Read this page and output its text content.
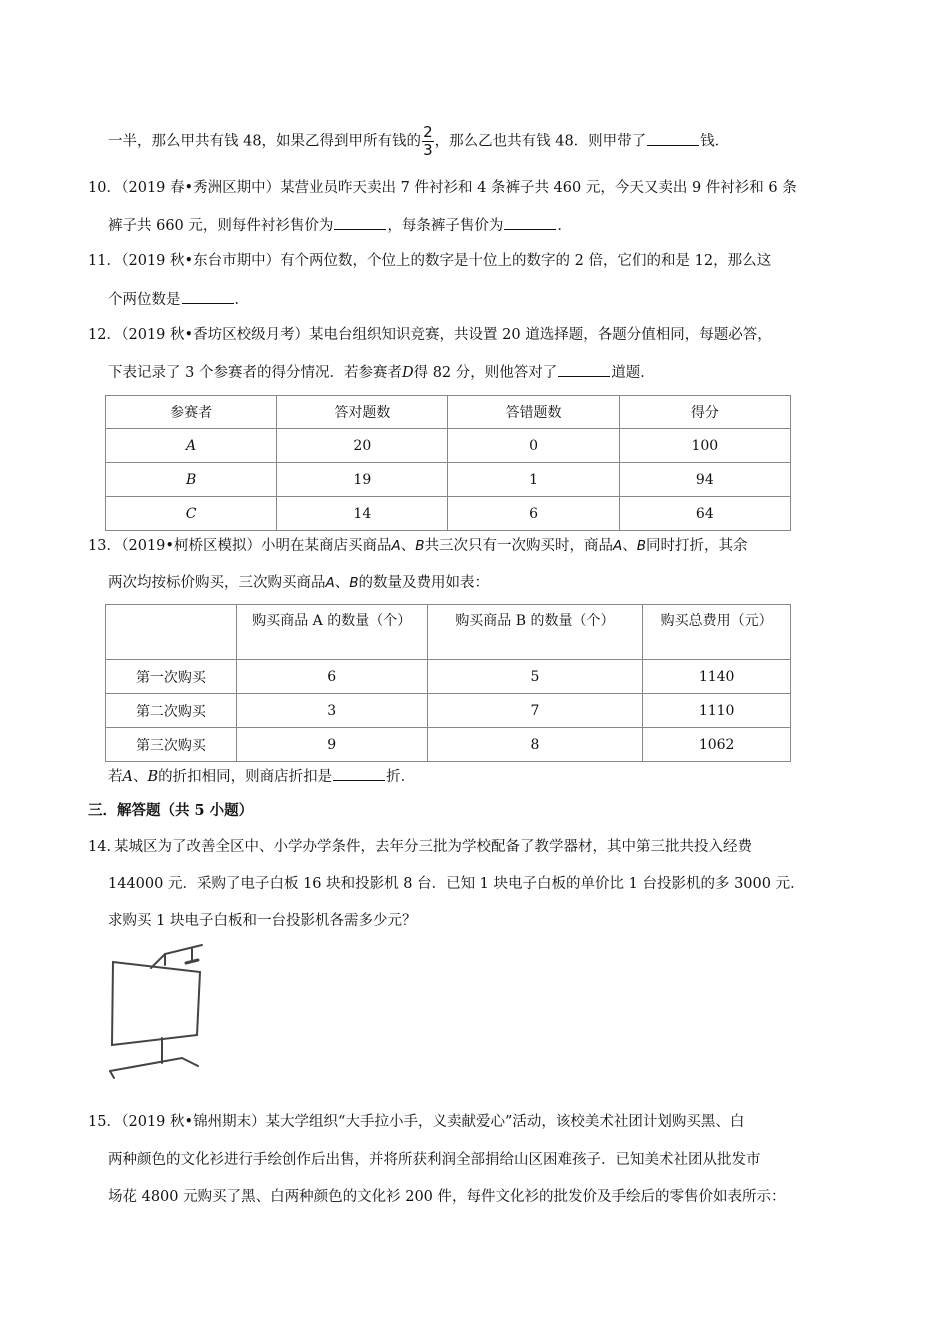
一半，那么甲共有钱 48，如果乙得到甲所有钱的 $\frac{2}{3}$ ，那么乙也共有钱 48．则甲带了	钱．
10．（2019 春•秀洲区期中）某营业员昨天卖出 7 件衬衫和 4 条裤子共 460 元，今天又卖出 9 件衬衫和 6 条
裤子共 660 元，则每件衬衫售价为	，每条裤子售价为	．
11．（2019 秋•东台市期中）有个两位数，个位上的数字是十位上的数字的 2 倍，它们的和是 12，那么这
个两位数是	．
12．（2019 秋•香坊区校级月考）某电台组织知识竞赛，共设置 20 道选择题，各题分值相同，每题必答，
下表记录了 3 个参赛者的得分情况．若参赛者D得 82 分，则他答对了	道题．
参赛者	答对题数	答错题数	得分
A	20	0	100
B	19	1	94
C	14	6	64
13．（2019•柯桥区模拟）小明在某商店买商品A、B共三次只有一次购买时，商品A、B同时打折，其余
两次均按标价购买，三次购买商品A、B的数量及费用如表：
	购买商品 A 的数量（个）	购买商品 B 的数量（个）	购买总费用（元）
第一次购买	6	5	1140
第二次购买	3	7	1110
第三次购买	9	8	1062
若A、B的折扣相同，则商店折扣是	折．
三．解答题（共 5 小题）
14．某城区为了改善全区中、小学办学条件，去年分三批为学校配备了教学器材，其中第三批共投入经费
144000 元．采购了电子白板 16 块和投影机 8 台．已知 1 块电子白板的单价比 1 台投影机的多 3000 元．
求购买 1 块电子白板和一台投影机各需多少元？
15．（2019 秋•锦州期末）某大学组织“大手拉小手，义卖献爱心”活动，该校美术社团计划购买黑、白
两种颜色的文化衫进行手绘创作后出售，并将所获利润全部捐给山区困难孩子．已知美术社团从批发市
场花 4800 元购买了黑、白两种颜色的文化衫 200 件，每件文化衫的批发价及手绘后的零售价如表所示：
